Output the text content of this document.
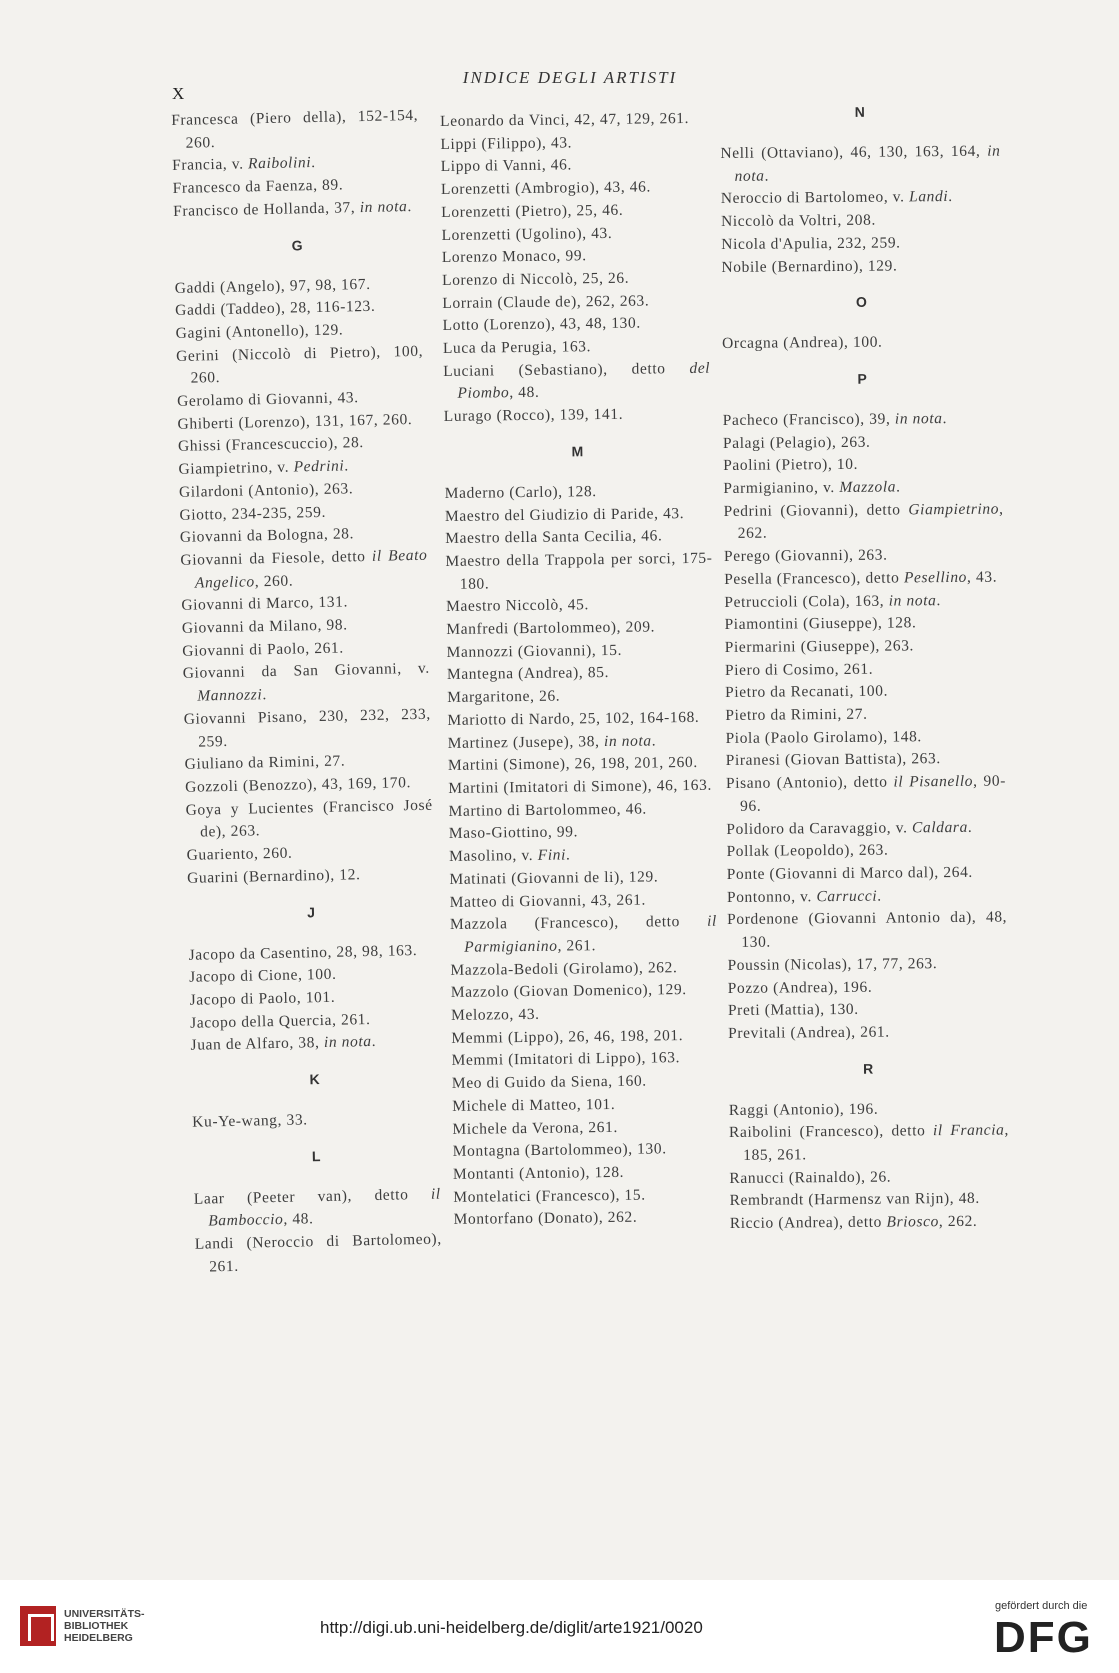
X
INDICE DEGLI ARTISTI
Francesca (Piero della), 152-154, 260.
Francia, v. Raibolini.
Francesco da Faenza, 89.
Francisco de Hollanda, 37, in nota.
G
Gaddi (Angelo), 97, 98, 167.
Gaddi (Taddeo), 28, 116-123.
Gagini (Antonello), 129.
Gerini (Niccolò di Pietro), 100, 260.
Gerolamo di Giovanni, 43.
Ghiberti (Lorenzo), 131, 167, 260.
Ghissi (Francescuccio), 28.
Giampietrino, v. Pedrini.
Gilardoni (Antonio), 263.
Giotto, 234-235, 259.
Giovanni da Bologna, 28.
Giovanni da Fiesole, detto il Beato Angelico, 260.
Giovanni di Marco, 131.
Giovanni da Milano, 98.
Giovanni di Paolo, 261.
Giovanni da San Giovanni, v. Mannozzi.
Giovanni Pisano, 230, 232, 233, 259.
Giuliano da Rimini, 27.
Gozzoli (Benozzo), 43, 169, 170.
Goya y Lucientes (Francisco José de), 263.
Guariento, 260.
Guarini (Bernardino), 12.
J
Jacopo da Casentino, 28, 98, 163.
Jacopo di Cione, 100.
Jacopo di Paolo, 101.
Jacopo della Quercia, 261.
Juan de Alfaro, 38, in nota.
K
Ku-Ye-wang, 33.
L
Laar (Peeter van), detto il Bamboccio, 48.
Landi (Neroccio di Bartolomeo), 261.
Leonardo da Vinci, 42, 47, 129, 261.
Lippi (Filippo), 43.
Lippo di Vanni, 46.
Lorenzetti (Ambrogio), 43, 46.
Lorenzetti (Pietro), 25, 46.
Lorenzetti (Ugolino), 43.
Lorenzo Monaco, 99.
Lorenzo di Niccolò, 25, 26.
Lorrain (Claude de), 262, 263.
Lotto (Lorenzo), 43, 48, 130.
Luca da Perugia, 163.
Luciani (Sebastiano), detto del Piombo, 48.
Lurago (Rocco), 139, 141.
M
Maderno (Carlo), 128.
Maestro del Giudizio di Paride, 43.
Maestro della Santa Cecilia, 46.
Maestro della Trappola per sorci, 175-180.
Maestro Niccolò, 45.
Manfredi (Bartolommeo), 209.
Mannozzi (Giovanni), 15.
Mantegna (Andrea), 85.
Margaritone, 26.
Mariotto di Nardo, 25, 102, 164-168.
Martinez (Jusepe), 38, in nota.
Martini (Simone), 26, 198, 201, 260.
Martini (Imitatori di Simone), 46, 163.
Martino di Bartolommeo, 46.
Maso-Giottino, 99.
Masolino, v. Fini.
Matinati (Giovanni de li), 129.
Matteo di Giovanni, 43, 261.
Mazzola (Francesco), detto il Parmigianino, 261.
Mazzola-Bedoli (Girolamo), 262.
Mazzolo (Giovan Domenico), 129.
Melozzo, 43.
Memmi (Lippo), 26, 46, 198, 201.
Memmi (Imitatori di Lippo), 163.
Meo di Guido da Siena, 160.
Michele di Matteo, 101.
Michele da Verona, 261.
Montagna (Bartolommeo), 130.
Montanti (Antonio), 128.
Montelatici (Francesco), 15.
Montorfano (Donato), 262.
N
Nelli (Ottaviano), 46, 130, 163, 164, in nota.
Neroccio di Bartolomeo, v. Landi.
Niccolò da Voltri, 208.
Nicola d'Apulia, 232, 259.
Nobile (Bernardino), 129.
O
Orcagna (Andrea), 100.
P
Pacheco (Francisco), 39, in nota.
Palagi (Pelagio), 263.
Paolini (Pietro), 10.
Parmigianino, v. Mazzola.
Pedrini (Giovanni), detto Giampietrino, 262.
Perego (Giovanni), 263.
Pesella (Francesco), detto Pesellino, 43.
Petruccioli (Cola), 163, in nota.
Piamontini (Giuseppe), 128.
Piermarini (Giuseppe), 263.
Piero di Cosimo, 261.
Pietro da Recanati, 100.
Pietro da Rimini, 27.
Piola (Paolo Girolamo), 148.
Piranesi (Giovan Battista), 263.
Pisano (Antonio), detto il Pisanello, 90-96.
Polidoro da Caravaggio, v. Caldara.
Pollak (Leopoldo), 263.
Ponte (Giovanni di Marco dal), 264.
Pontonno, v. Carrucci.
Pordenone (Giovanni Antonio da), 48, 130.
Poussin (Nicolas), 17, 77, 263.
Pozzo (Andrea), 196.
Preti (Mattia), 130.
Previtali (Andrea), 261.
R
Raggi (Antonio), 196.
Raibolini (Francesco), detto il Francia, 185, 261.
Ranucci (Rainaldo), 26.
Rembrandt (Harmensz van Rijn), 48.
Riccio (Andrea), detto Briosco, 262.
UNIVERSITÄTS-
BIBLIOTHEK
HEIDELBERG
http://digi.ub.uni-heidelberg.de/diglit/arte1921/0020
gefördert durch die
DFG
